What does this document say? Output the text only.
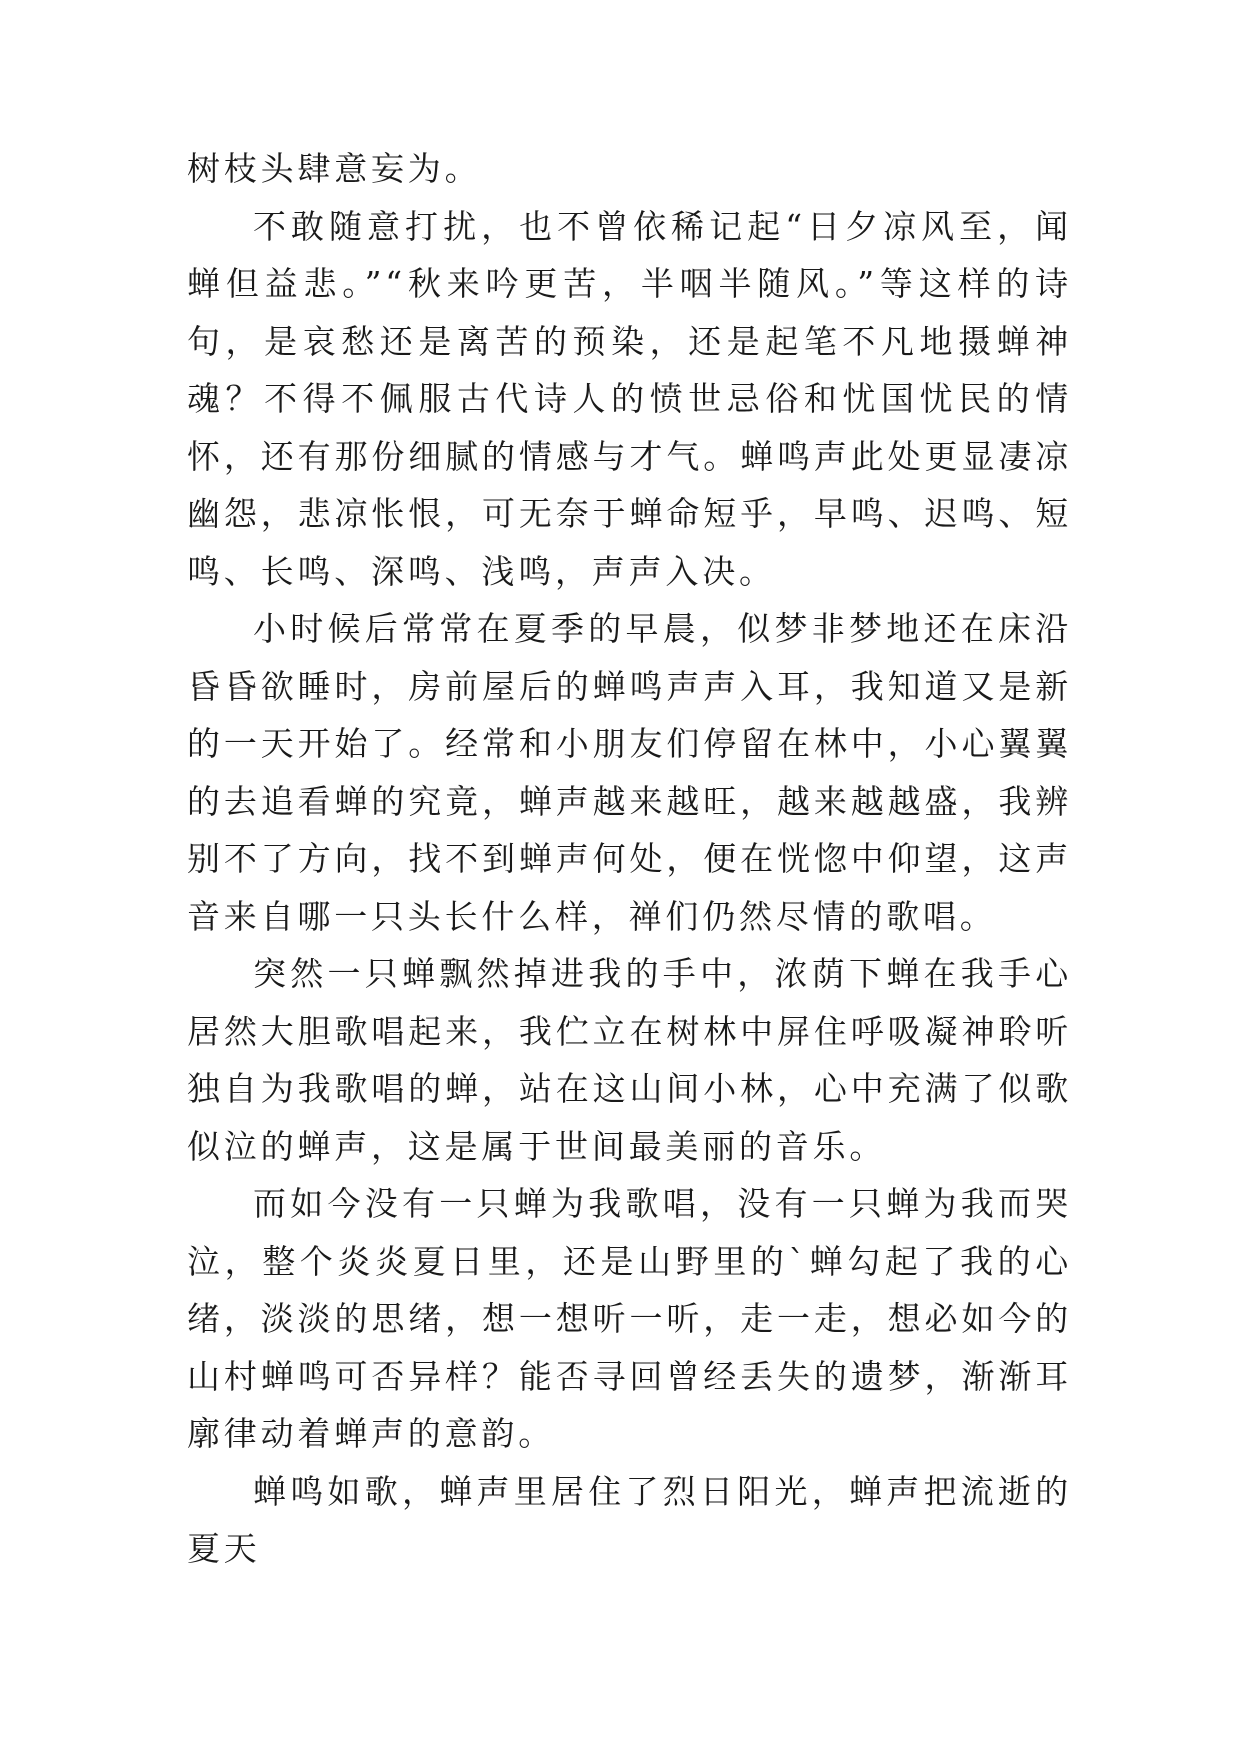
树枝头肆意妄为。

不敢随意打扰，也不曾依稀记起“日夕凉风至，闻蝉但益悲。”“秋来吟更苦，半咽半随风。”等这样的诗句，是哀愁还是离苦的预染，还是起笔不凡地摄蝉神魂？不得不佩服古代诗人的愤世忌俗和忧国忧民的情怀，还有那份细腻的情感与才气。蝉鸣声此处更显凄凉幽怨，悲凉怅恨，可无奈于蝉命短乎，早鸣、迟鸣、短鸣、长鸣、深鸣、浅鸣，声声入决。

小时候后常常在夏季的早晨，似梦非梦地还在床沿昏昏欲睡时，房前屋后的蝉鸣声声入耳，我知道又是新的一天开始了。经常和小朋友们停留在林中，小心翼翼的去追看蝉的究竟，蝉声越来越旺，越来越越盛，我辨别不了方向，找不到蝉声何处，便在恍惚中仰望，这声音来自哪一只头长什么样，禅们仍然尽情的歌唱。

突然一只蝉飘然掉进我的手中，浓荫下蝉在我手心居然大胆歌唱起来，我伫立在树林中屏住呼吸凝神聆听独自为我歌唱的蝉，站在这山间小林，心中充满了似歌似泣的蝉声，这是属于世间最美丽的音乐。

而如今没有一只蝉为我歌唱，没有一只蝉为我而哭泣，整个炎炎夏日里，还是山野里的`蝉勾起了我的心绪，淡淡的思绪，想一想听一听，走一走，想必如今的山村蝉鸣可否异样？能否寻回曾经丢失的遗梦，渐渐耳廓律动着蝉声的意韵。

蝉鸣如歌，蝉声里居住了烈日阳光，蝉声把流逝的夏天
